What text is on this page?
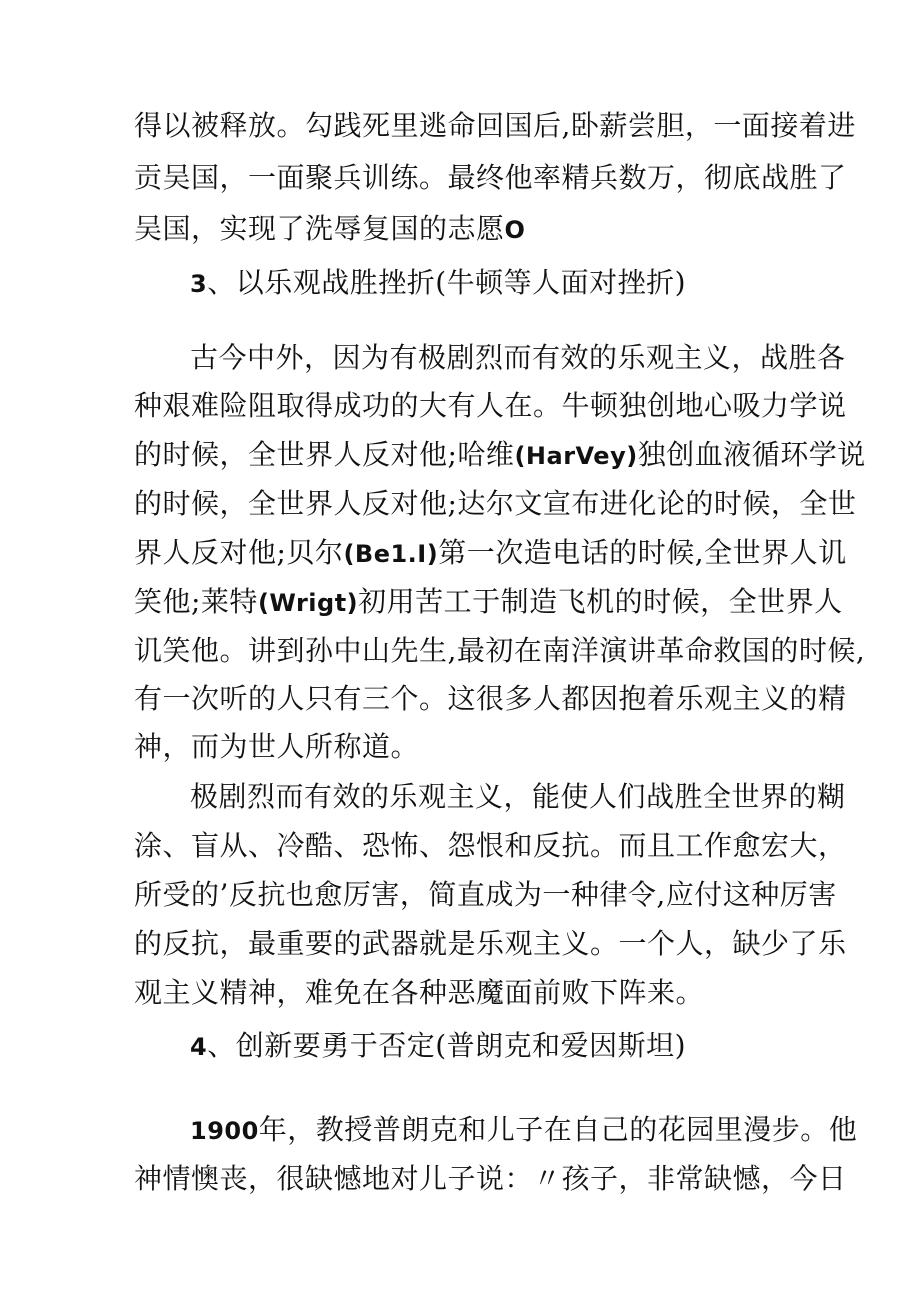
得以被释放。勾践死里逃命回国后,卧薪尝胆，一面接着进
贡吴国，一面聚兵训练。最终他率精兵数万，彻底战胜了
吴国，实现了洗辱复国的志愿O
3、以乐观战胜挫折(牛顿等人面对挫折)
古今中外，因为有极剧烈而有效的乐观主义，战胜各
种艰难险阻取得成功的大有人在。牛顿独创地心吸力学说
的时候，全世界人反对他;哈维(HarVey)独创血液循环学说
的时候，全世界人反对他;达尔文宣布进化论的时候，全世
界人反对他;贝尔(Be1.I)第一次造电话的时候,全世界人讥
笑他;莱特(Wrigt)初用苦工于制造飞机的时候，全世界人
讥笑他。讲到孙中山先生,最初在南洋演讲革命救国的时候,
有一次听的人只有三个。这很多人都因抱着乐观主义的精
神，而为世人所称道。
极剧烈而有效的乐观主义，能使人们战胜全世界的糊
涂、盲从、冷酷、恐怖、怨恨和反抗。而且工作愈宏大，
所受的’反抗也愈厉害，简直成为一种律令,应付这种厉害
的反抗，最重要的武器就是乐观主义。一个人，缺少了乐
观主义精神，难免在各种恶魔面前败下阵来。
4、创新要勇于否定(普朗克和爱因斯坦)
1900年，教授普朗克和儿子在自己的花园里漫步。他
神情懊丧，很缺憾地对儿子说：〃孩子，非常缺憾，今日
